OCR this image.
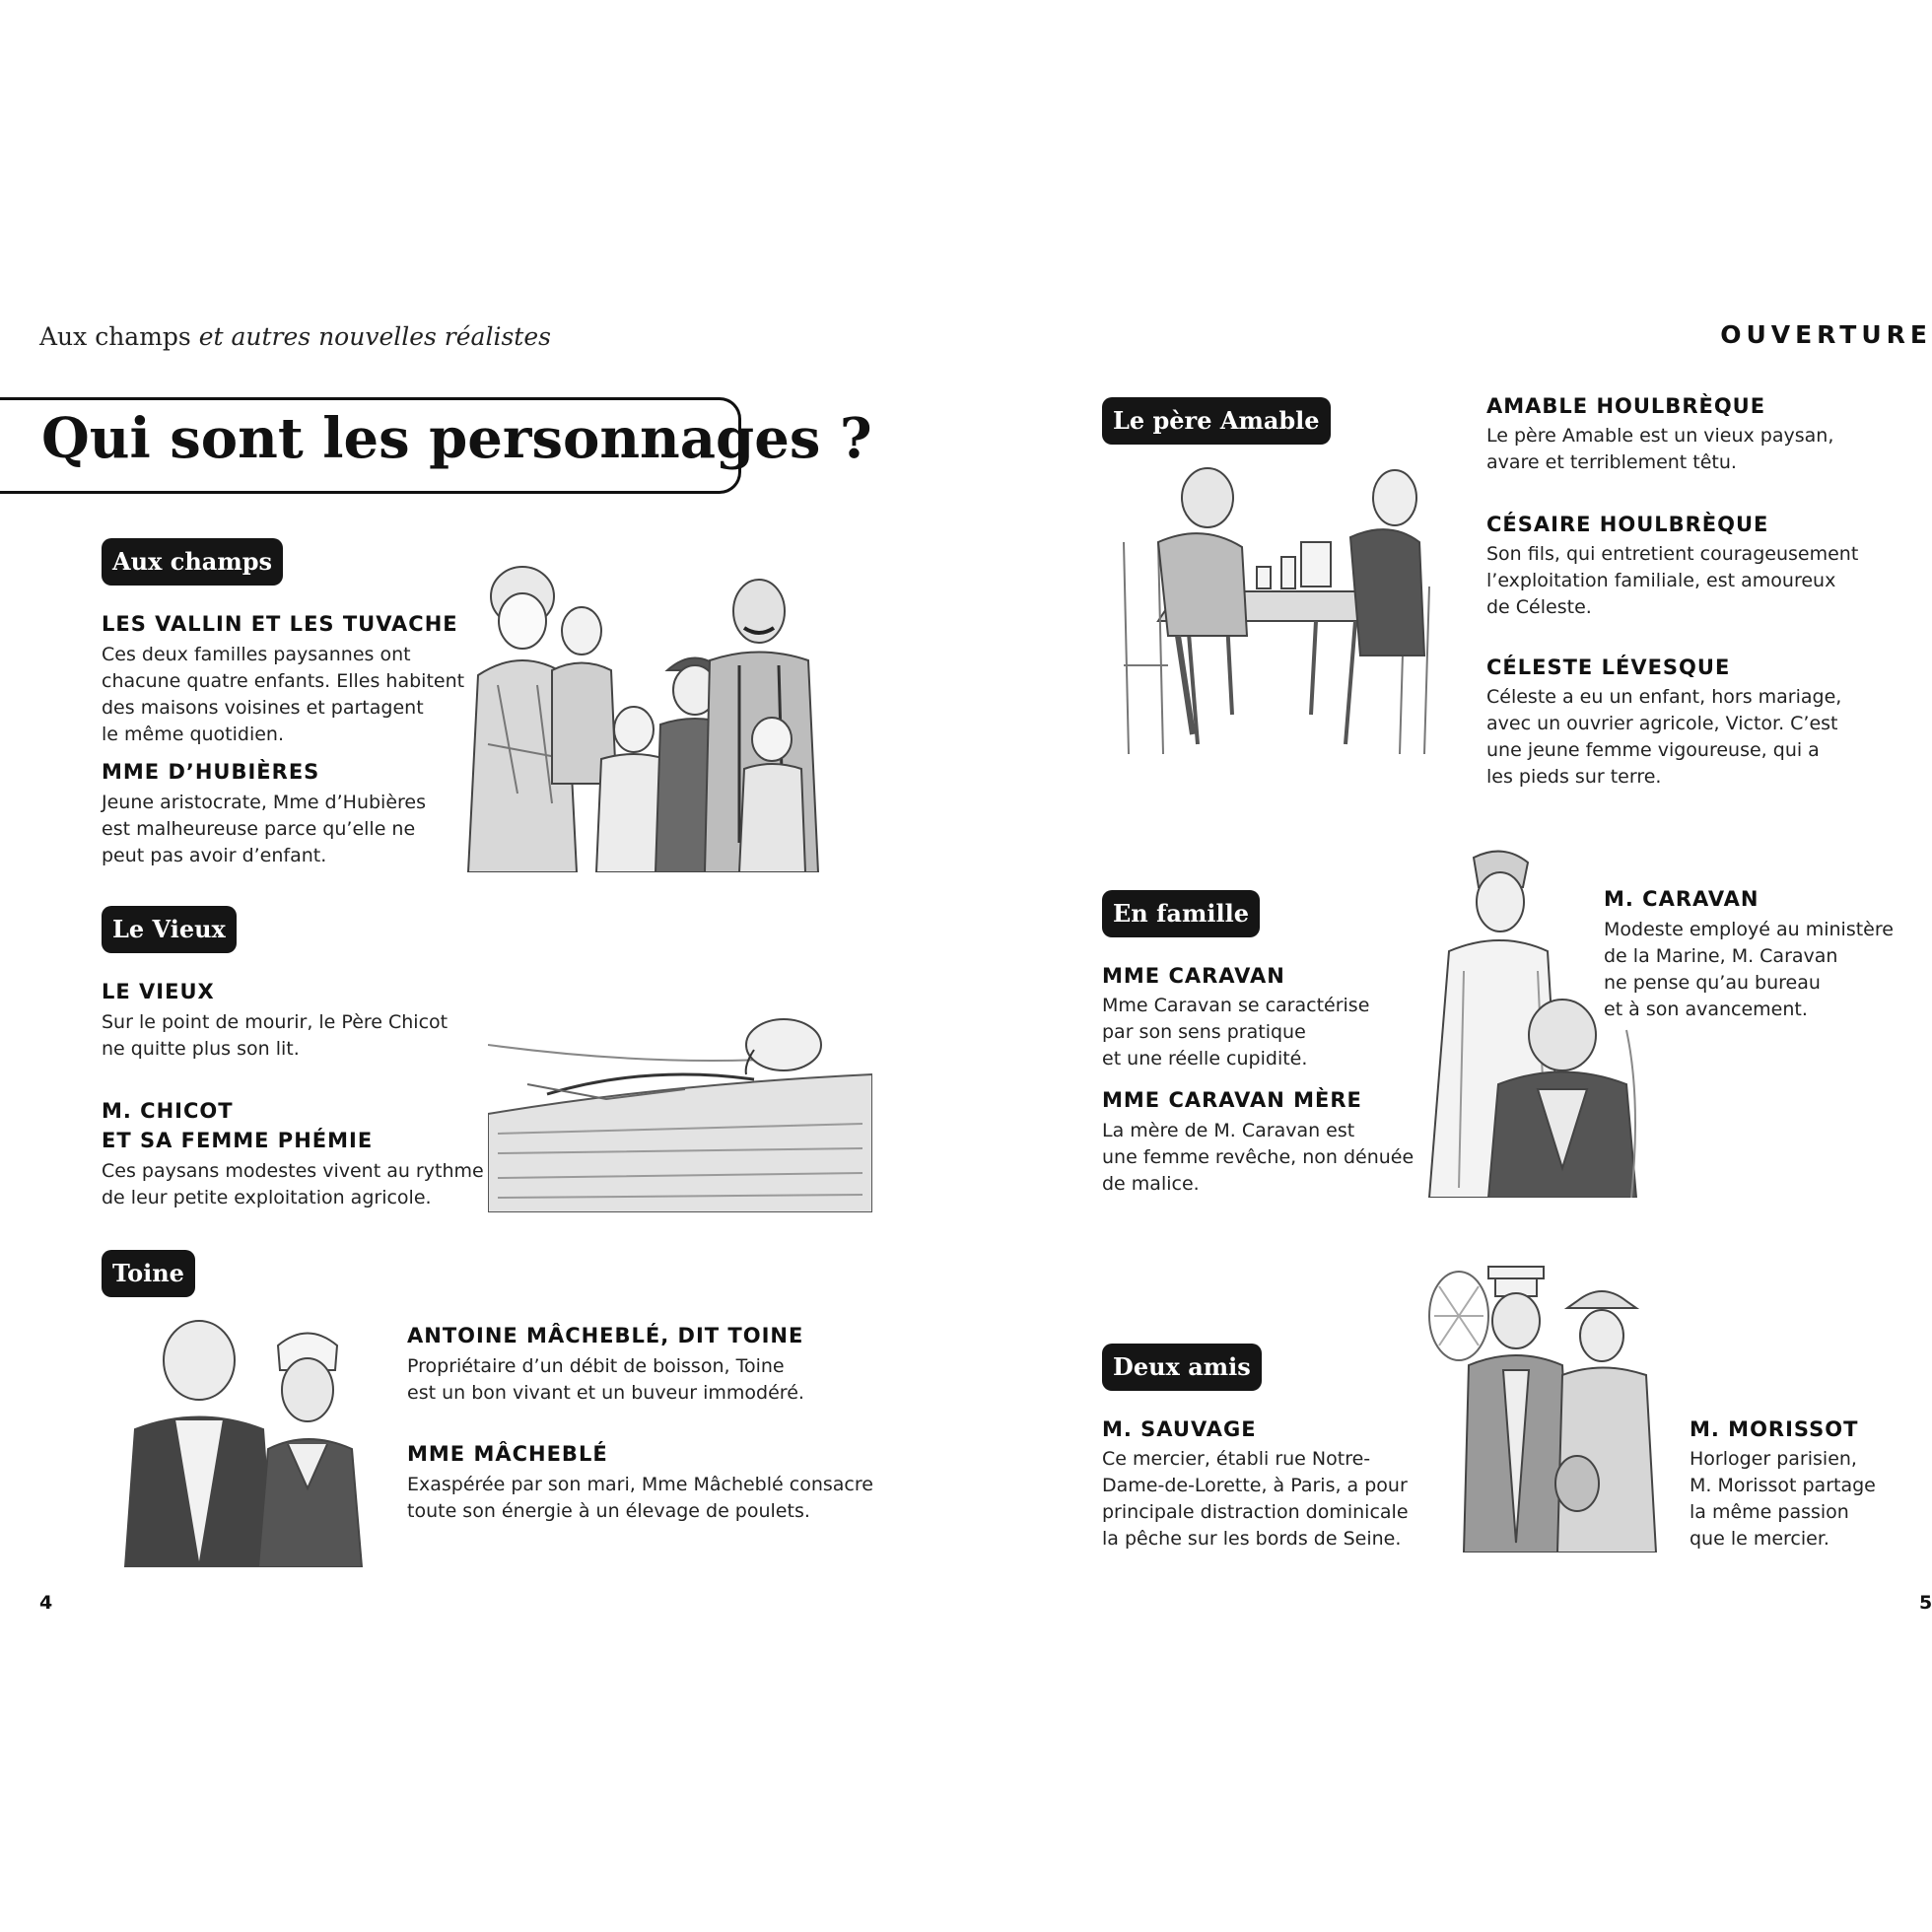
Aux champs et autres nouvelles réalistes	OUVERTURE
Qui sont les personnages ?
Aux champs
LES VALLIN ET LES TUVACHE
Ces deux familles paysannes ont
chacune quatre enfants. Elles habitent
des maisons voisines et partagent
le même quotidien.
MME D’HUBIÈRES
Jeune aristocrate, Mme d’Hubières
est malheureuse parce qu’elle ne
peut pas avoir d’enfant.
Le Vieux
LE VIEUX
Sur le point de mourir, le Père Chicot
ne quitte plus son lit.
M. CHICOT
ET SA FEMME PHÉMIE
Ces paysans modestes vivent au rythme
de leur petite exploitation agricole.
Toine
ANTOINE MÂCHEBLÉ, DIT TOINE
Propriétaire d’un débit de boisson, Toine
est un bon vivant et un buveur immodéré.
MME MÂCHEBLÉ
Exaspérée par son mari, Mme Mâcheblé consacre
toute son énergie à un élevage de poulets.
4
Le père Amable	AMABLE HOULBRÈQUE
Le père Amable est un vieux paysan,
avare et terriblement têtu.
CÉSAIRE HOULBRÈQUE
Son fils, qui entretient courageusement
l’exploitation familiale, est amoureux
de Céleste.
CÉLESTE LÉVESQUE
Céleste a eu un enfant, hors mariage,
avec un ouvrier agricole, Victor. C’est
une jeune femme vigoureuse, qui a
les pieds sur terre.
En famille
MME CARAVAN
Mme Caravan se caractérise
par son sens pratique
et une réelle cupidité.
MME CARAVAN MÈRE
La mère de M. Caravan est
une femme revêche, non dénuée
de malice.
M. CARAVAN
Modeste employé au ministère
de la Marine, M. Caravan
ne pense qu’au bureau
et à son avancement.
Deux amis
M. SAUVAGE
Ce mercier, établi rue Notre-
Dame-de-Lorette, à Paris, a pour
principale distraction dominicale
la pêche sur les bords de Seine.
M. MORISSOT
Horloger parisien,
M. Morissot partage
la même passion
que le mercier.
5
